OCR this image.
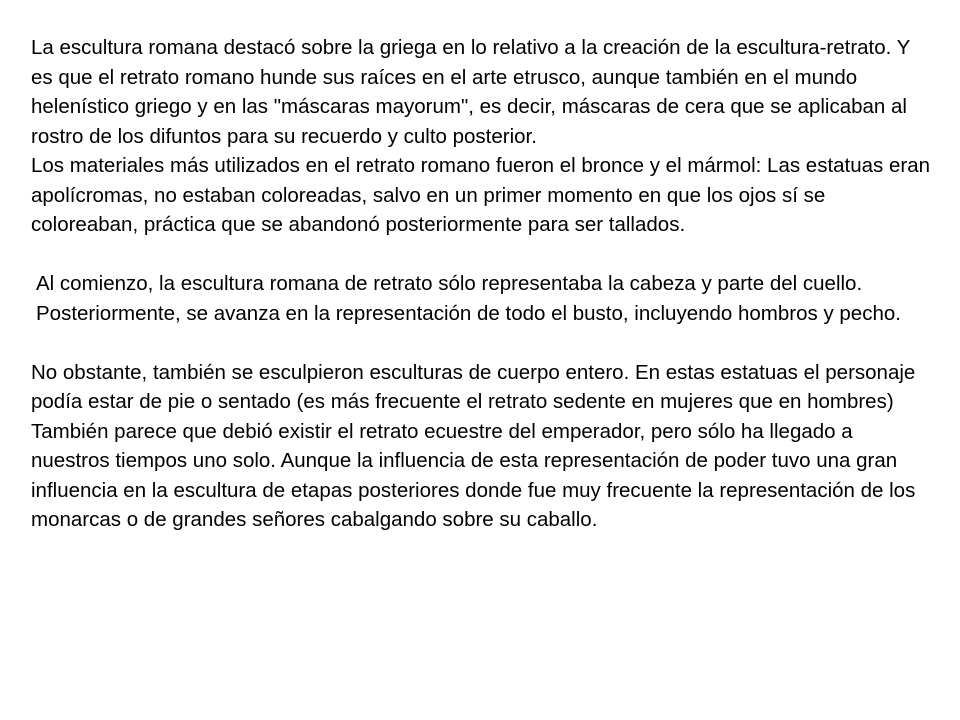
La escultura romana destacó sobre la griega en lo relativo a la creación de la escultura-retrato. Y es que el retrato romano hunde sus raíces en el arte etrusco, aunque también en el mundo helenístico griego y en las "máscaras mayorum", es decir, máscaras de cera que se aplicaban al rostro de los difuntos para su recuerdo y culto posterior.

Los materiales más utilizados en el retrato romano fueron el bronce y el mármol: Las estatuas eran apolícromas, no estaban coloreadas, salvo en un primer momento en que los ojos sí se coloreaban, práctica que se abandonó posteriormente para ser tallados.

Al comienzo, la escultura romana de retrato sólo representaba la cabeza y parte del cuello. Posteriormente, se avanza en la representación de todo el busto, incluyendo hombros y pecho.

No obstante, también se esculpieron esculturas de cuerpo entero. En estas estatuas el personaje podía estar de pie o sentado (es más frecuente el retrato sedente en mujeres que en hombres)

También parece que debió existir el retrato ecuestre del emperador, pero sólo ha llegado a nuestros tiempos uno solo. Aunque la influencia de esta representación de poder tuvo una gran influencia en la escultura de etapas posteriores donde fue muy frecuente la representación de los monarcas o de grandes señores cabalgando sobre su caballo.
